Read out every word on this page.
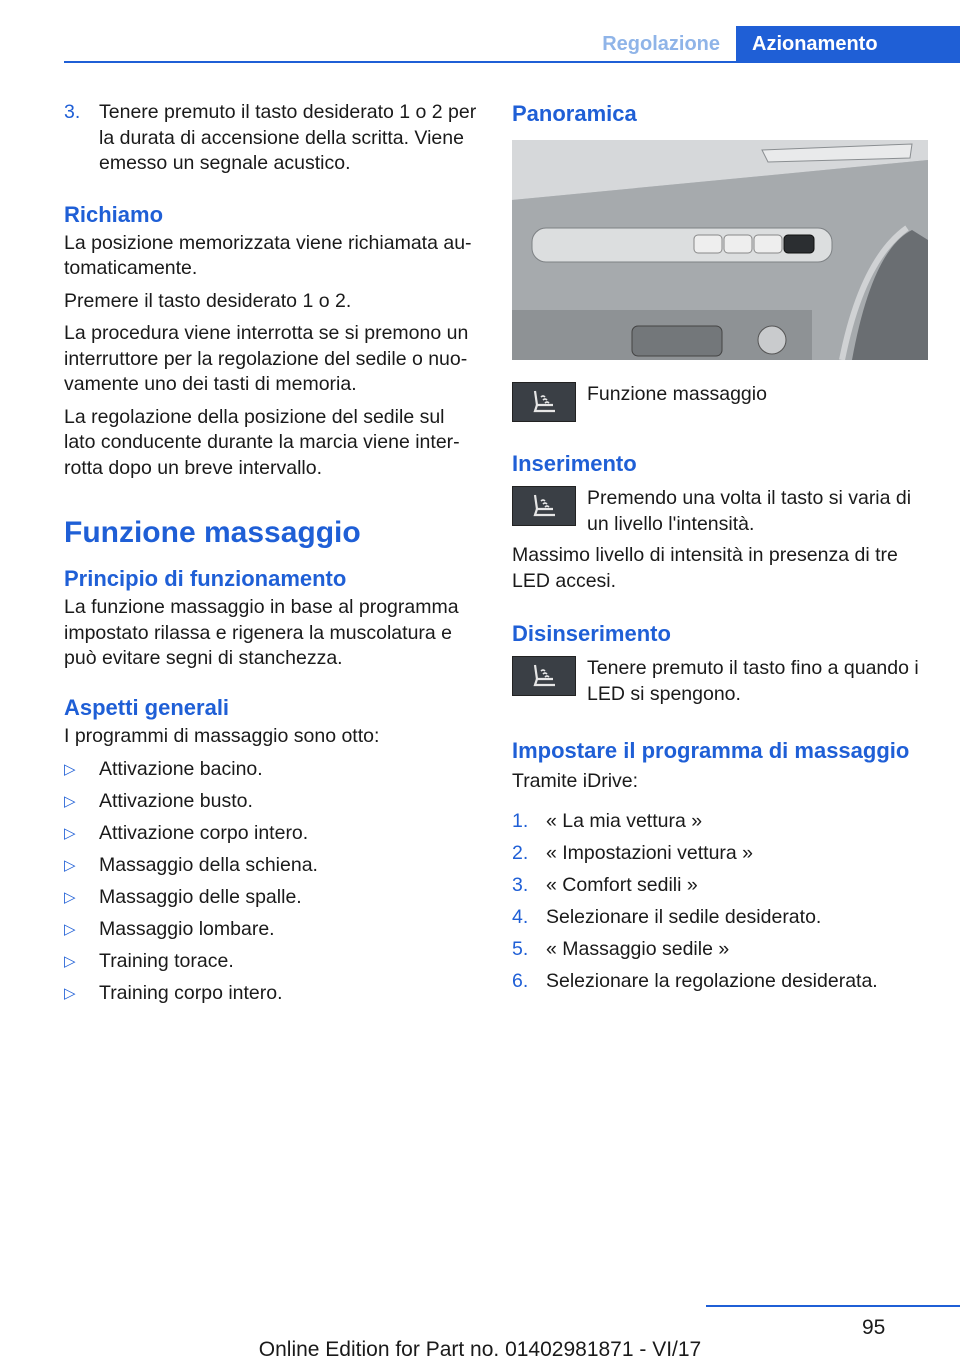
Regolazione	Azionamento
3. Tenere premuto il tasto desiderato 1 o 2 per la durata di accensione della scritta. Viene emesso un segnale acustico.
Richiamo

La posizione memorizzata viene richiamata automaticamente.

Premere il tasto desiderato 1 o 2.

La procedura viene interrotta se si premono un interruttore per la regolazione del sedile o nuovamente uno dei tasti di memoria.

La regolazione della posizione del sedile sul lato conducente durante la marcia viene interrotta dopo un breve intervallo.

Funzione massaggio
Principio di funzionamento

La funzione massaggio in base al programma impostato rilassa e rigenera la muscolatura e può evitare segni di stanchezza.

Aspetti generali

I programmi di massaggio sono otto:

▷	Attivazione bacino.
▷	Attivazione busto.
▷	Attivazione corpo intero.
▷	Massaggio della schiena.
▷	Massaggio delle spalle.
▷	Massaggio lombare.
▷	Training torace.
▷	Training corpo intero.
Panoramica
Funzione massaggio
Inserimento
Premendo una volta il tasto si varia di un livello l'intensità.

Massimo livello di intensità in presenza di tre LED accesi.

Disinserimento
Tenere premuto il tasto fino a quando i LED si spengono.
Impostare il programma di massaggio

Tramite iDrive:

1. « La mia vettura »
2. « Impostazioni vettura »
3. « Comfort sedili »
4. Selezionare il sedile desiderato.
5. « Massaggio sedile »
6. Selezionare la regolazione desiderata.
95
Online Edition for Part no. 01402981871 - VI/17
